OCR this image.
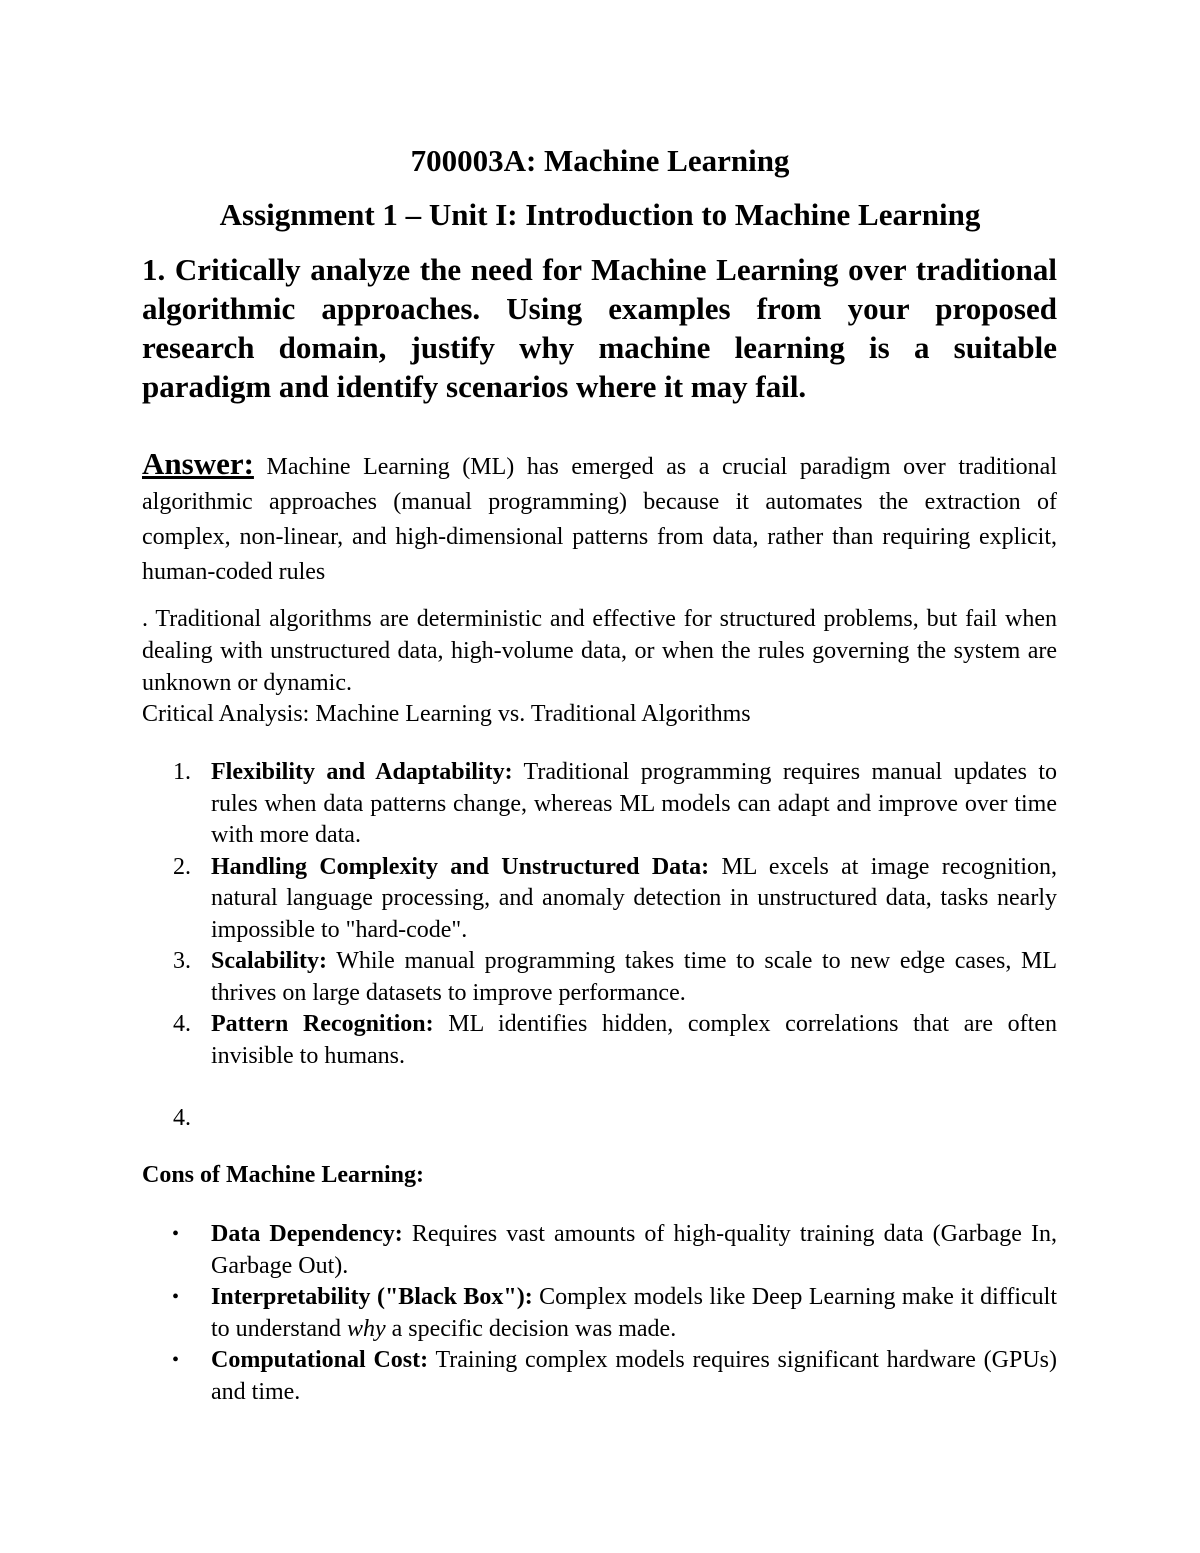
700003A: Machine Learning
Assignment 1 – Unit I: Introduction to Machine Learning
1. Critically analyze the need for Machine Learning over traditional algorithmic approaches. Using examples from your proposed research domain, justify why machine learning is a suitable paradigm and identify scenarios where it may fail.
Answer: Machine Learning (ML) has emerged as a crucial paradigm over traditional algorithmic approaches (manual programming) because it automates the extraction of complex, non-linear, and high-dimensional patterns from data, rather than requiring explicit, human-coded rules
. Traditional algorithms are deterministic and effective for structured problems, but fail when dealing with unstructured data, high-volume data, or when the rules governing the system are unknown or dynamic.
Critical Analysis: Machine Learning vs. Traditional Algorithms
1. Flexibility and Adaptability: Traditional programming requires manual updates to rules when data patterns change, whereas ML models can adapt and improve over time with more data.
2. Handling Complexity and Unstructured Data: ML excels at image recognition, natural language processing, and anomaly detection in unstructured data, tasks nearly impossible to "hard-code".
3. Scalability: While manual programming takes time to scale to new edge cases, ML thrives on large datasets to improve performance.
4. Pattern Recognition: ML identifies hidden, complex correlations that are often invisible to humans.
4.
Cons of Machine Learning:
• Data Dependency: Requires vast amounts of high-quality training data (Garbage In, Garbage Out).
• Interpretability ("Black Box"): Complex models like Deep Learning make it difficult to understand why a specific decision was made.
• Computational Cost: Training complex models requires significant hardware (GPUs) and time.
